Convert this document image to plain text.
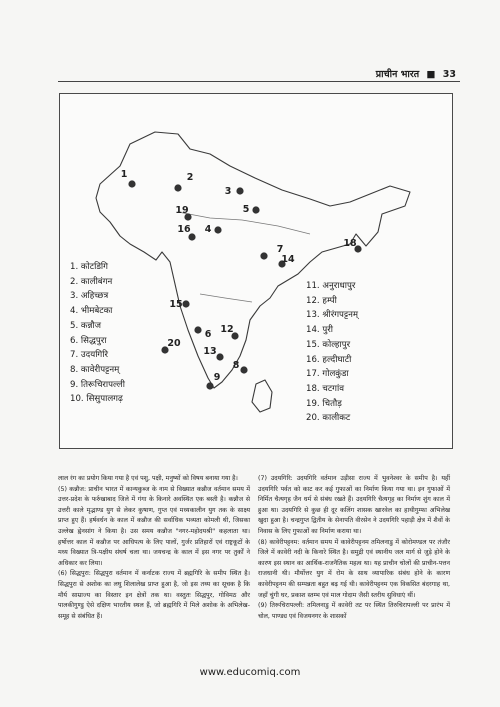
प्राचीन भारत ■ 33
1	2
3
4
5
6
7
8
9
12
13
14
15
16
18
19
20
1. कोटडिगि
2. कालीबंगन
3. अहिच्छत्र
4. भीमबेटका
5. कन्नौज
6. सिद्धपुरा
7. उदयगिरि
8. कावेरीपट्टनम्
9. तिरूचिरापल्ली
10. सिसुपालगढ़
11. अनुराधापुर
12. हम्पी
13. श्रीरंगपट्टनम्
14. पुरी
15. कोल्हापुर
16. हल्दीघाटी
17. गोलकुंडा
18. चटगांव
19. चितौड़
20. कालीकट

लाल रंग का प्रयोग किया गया है एवं पशु, पक्षी, मनुष्यों को विषय बनाया गया है।

(5) कन्नौज: प्राचीन भारत में कान्यकुब्ज के नाम से विख्यात कन्नौज वर्तमान समय में उत्तर-प्रदेश के फर्रुखाबाद जिले में गंगा के किनारे अवस्थित एक बस्ती है। कन्नौज से उत्तरी काले मृद्भाण्ड युग से लेकर कुषाण, गुप्त एवं मध्यकालीन युग तक के साक्ष्य प्राप्त हुए हैं। हर्षवर्धन के काल में कन्नौज की सर्वाधिक भव्यता कोमली थी, जिसका उल्लेख ह्वेनसांग ने किया है। उस समय कन्नौज "नगर-महोदयश्री" कहलाता था। हर्षोत्तर काल में कन्नौज पर आधिपत्य के लिए पालों, गुर्जर प्रतिहारों एवं राष्ट्रकूटों के मध्य विख्यात त्रि-पक्षीय संघर्ष चला था। जयचन्द्र के काल में इस नगर पर तुर्कों ने अधिकार कर लिया।

(6) सिद्धपुरा: सिद्धपुरा वर्तमान में कर्नाटक राज्य में ब्रह्मगिरि के समीप स्थित है। सिद्धपुरा से अशोक का लघु शिलालेख प्राप्त हुआ है, जो इस तथ्य का सूचक है कि मौर्य साम्राज्य का विस्तार इन क्षेत्रों तक था। वस्तुतः सिद्धपुर, गोविमठ और पालकीगुण्डु ऐसे दक्षिण भारतीय स्थल हैं, जो ब्रह्मगिरि में मिले अशोक के अभिलेख-समूह से संबंधित हैं।

(7) उदयगिरि: उदयगिरि वर्तमान उड़ीसा राज्य में भुवनेश्वर के समीप है। यहीं उदयगिरि पर्वत को काट कर कई गुफाओं का निर्माण किया गया था। इन गुफाओं में निर्मित चैत्यगृह जैन धर्म से संबंध रखते हैं। उदयगिरि चैत्यगृह का निर्माण शुंग काल में हुआ था। उदयगिरि से कुछ ही दूर कलिंग शासक खारवेल का हाथीगुम्फा अभिलेख खुदा हुआ है। चन्द्रगुप्त द्वितीय के सेनापति वीरसेन ने उदयगिरि पहाड़ी क्षेत्र में शैवों के निवास के लिए गुफाओं का निर्माण कराया था।

(8) कावेरीपट्टनम: वर्तमान समय में कावेरीपट्टनम तमिलनाडु में कोरोमण्डल पर तंजौर जिले में कावेरी नदी के किनारे स्थित है। समुद्री एवं स्थानीय जल मार्ग से जुड़े होने के कारण इस स्थान का आर्थिक-राजनैतिक महत्व था। यह प्राचीन चोलों की प्राचीन-पत्तन राजधानी थी। मौर्योत्तर युग में रोम के साथ व्यापारिक संबंध होने के कारण कावेरीपट्टनम की सम्पन्नता बहुत बढ़ गई थी। कावेरीपट्टनम एक विकसित बंदरगाह था, जहाँ चुंगी घर, प्रकाश स्तम्भ एवं माल गोदाम जैसी स्तरीय सुविधाएं थीं।

(9) तिरूचिरापल्ली: तमिलनाडु में कावेरी तट पर स्थित तिरुचिरापल्ली पर प्रारंभ में चोल, पाण्ड्य एवं विजयनगर के शासकों

www.educomiq.com
